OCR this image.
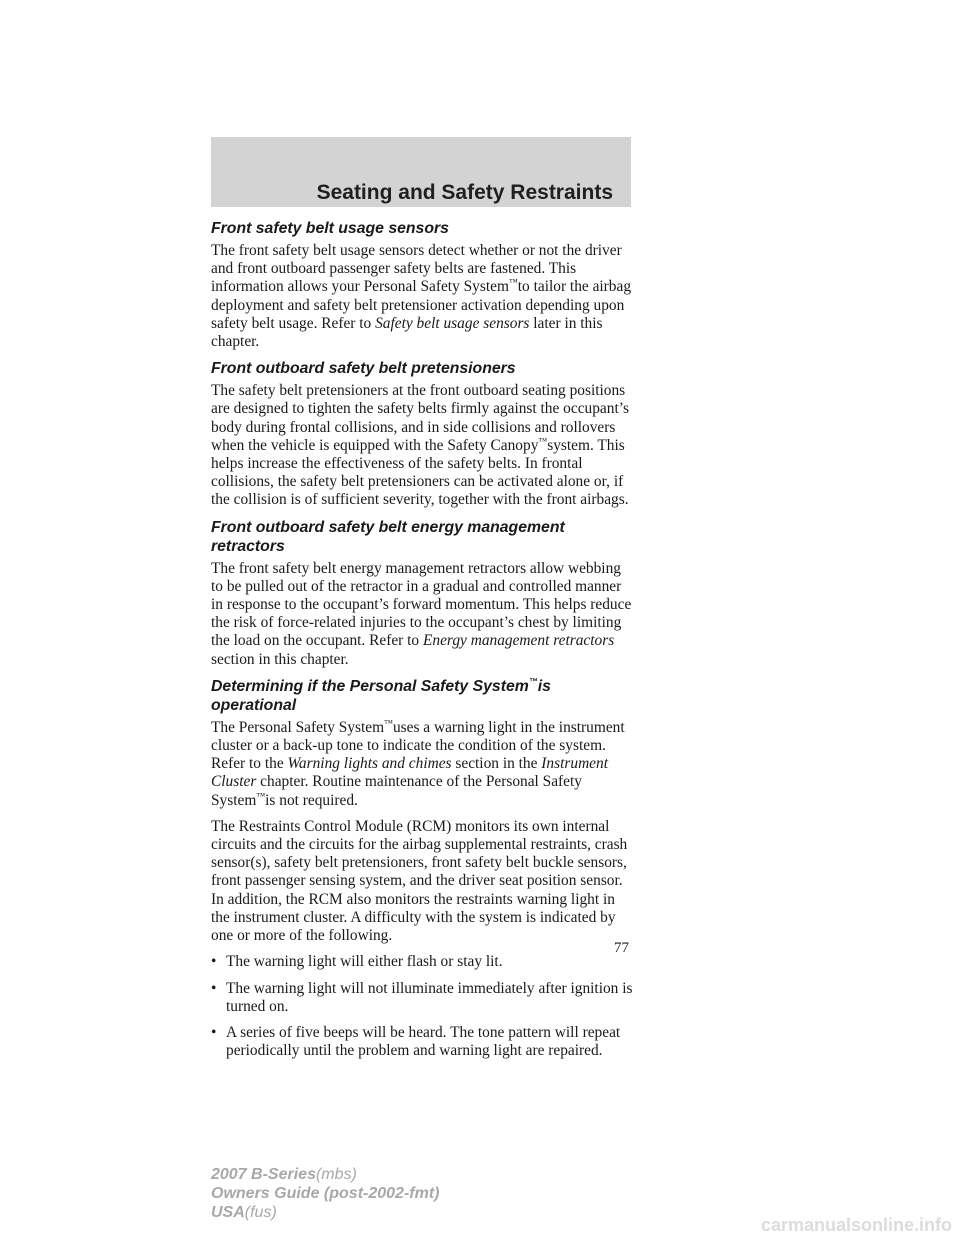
Seating and Safety Restraints
Front safety belt usage sensors

The front safety belt usage sensors detect whether or not the driver and front outboard passenger safety belts are fastened. This information allows your Personal Safety System™to tailor the airbag deployment and safety belt pretensioner activation depending upon safety belt usage. Refer to Safety belt usage sensors later in this chapter.

Front outboard safety belt pretensioners

The safety belt pretensioners at the front outboard seating positions are designed to tighten the safety belts firmly against the occupant’s body during frontal collisions, and in side collisions and rollovers when the vehicle is equipped with the Safety Canopy™system. This helps increase the effectiveness of the safety belts. In frontal collisions, the safety belt pretensioners can be activated alone or, if the collision is of sufficient severity, together with the front airbags.

Front outboard safety belt energy management retractors

The front safety belt energy management retractors allow webbing to be pulled out of the retractor in a gradual and controlled manner in response to the occupant’s forward momentum. This helps reduce the risk of force-related injuries to the occupant’s chest by limiting the load on the occupant. Refer to Energy management retractors section in this chapter.

Determining if the Personal Safety System™is operational

The Personal Safety System™uses a warning light in the instrument cluster or a back-up tone to indicate the condition of the system. Refer to the Warning lights and chimes section in the Instrument Cluster chapter. Routine maintenance of the Personal Safety System™is not required.

The Restraints Control Module (RCM) monitors its own internal circuits and the circuits for the airbag supplemental restraints, crash sensor(s), safety belt pretensioners, front safety belt buckle sensors, front passenger sensing system, and the driver seat position sensor. In addition, the RCM also monitors the restraints warning light in the instrument cluster. A difficulty with the system is indicated by one or more of the following.

• The warning light will either flash or stay lit.
• The warning light will not illuminate immediately after ignition is turned on.
• A series of five beeps will be heard. The tone pattern will repeat periodically until the problem and warning light are repaired.
77
2007 B-Series(mbs)
Owners Guide (post-2002-fmt)
USA(fus)
carmanualsonline.info
